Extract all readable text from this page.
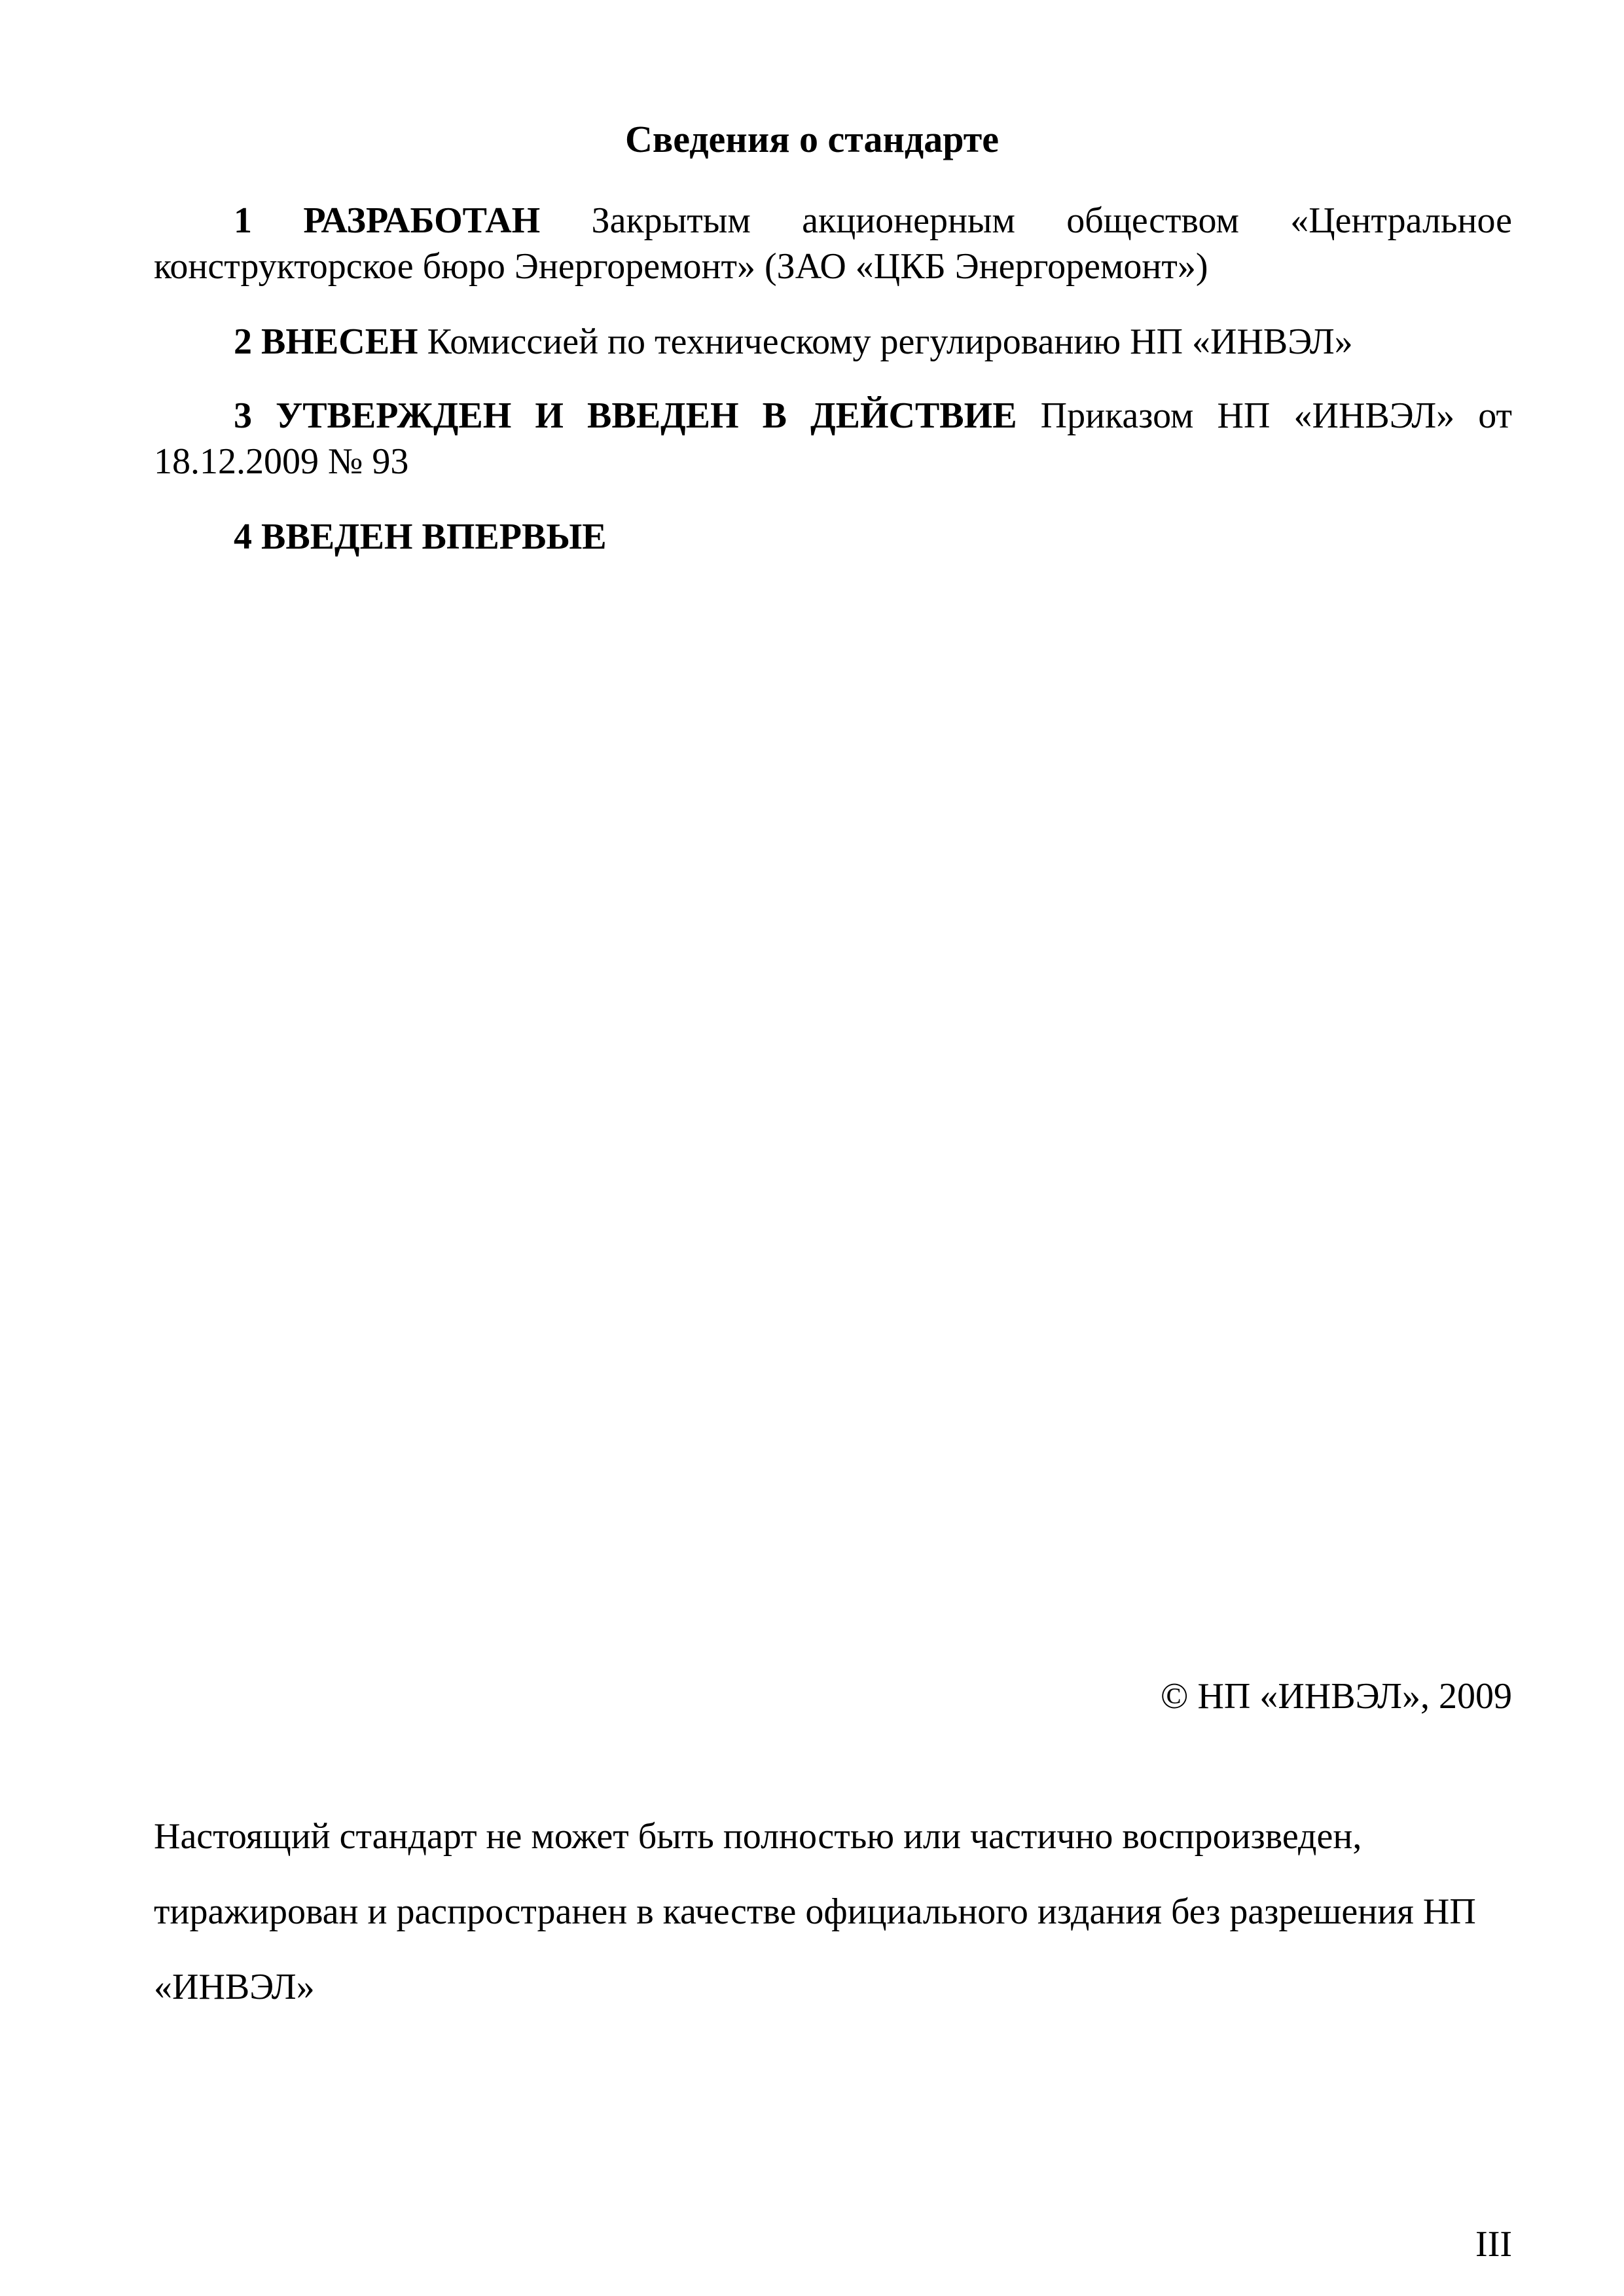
Сведения о стандарте

1 РАЗРАБОТАН Закрытым акционерным обществом «Центральное конструкторское бюро Энергоремонт» (ЗАО «ЦКБ Энергоремонт»)

2 ВНЕСЕН Комиссией по техническому регулированию НП «ИНВЭЛ»

3 УТВЕРЖДЕН И ВВЕДЕН В ДЕЙСТВИЕ Приказом НП «ИНВЭЛ» от 18.12.2009 № 93

4 ВВЕДЕН ВПЕРВЫЕ

© НП «ИНВЭЛ», 2009

Настоящий стандарт не может быть полностью или частично воспроизведен, тиражирован и распространен в качестве официального издания без разрешения НП «ИНВЭЛ»

III
